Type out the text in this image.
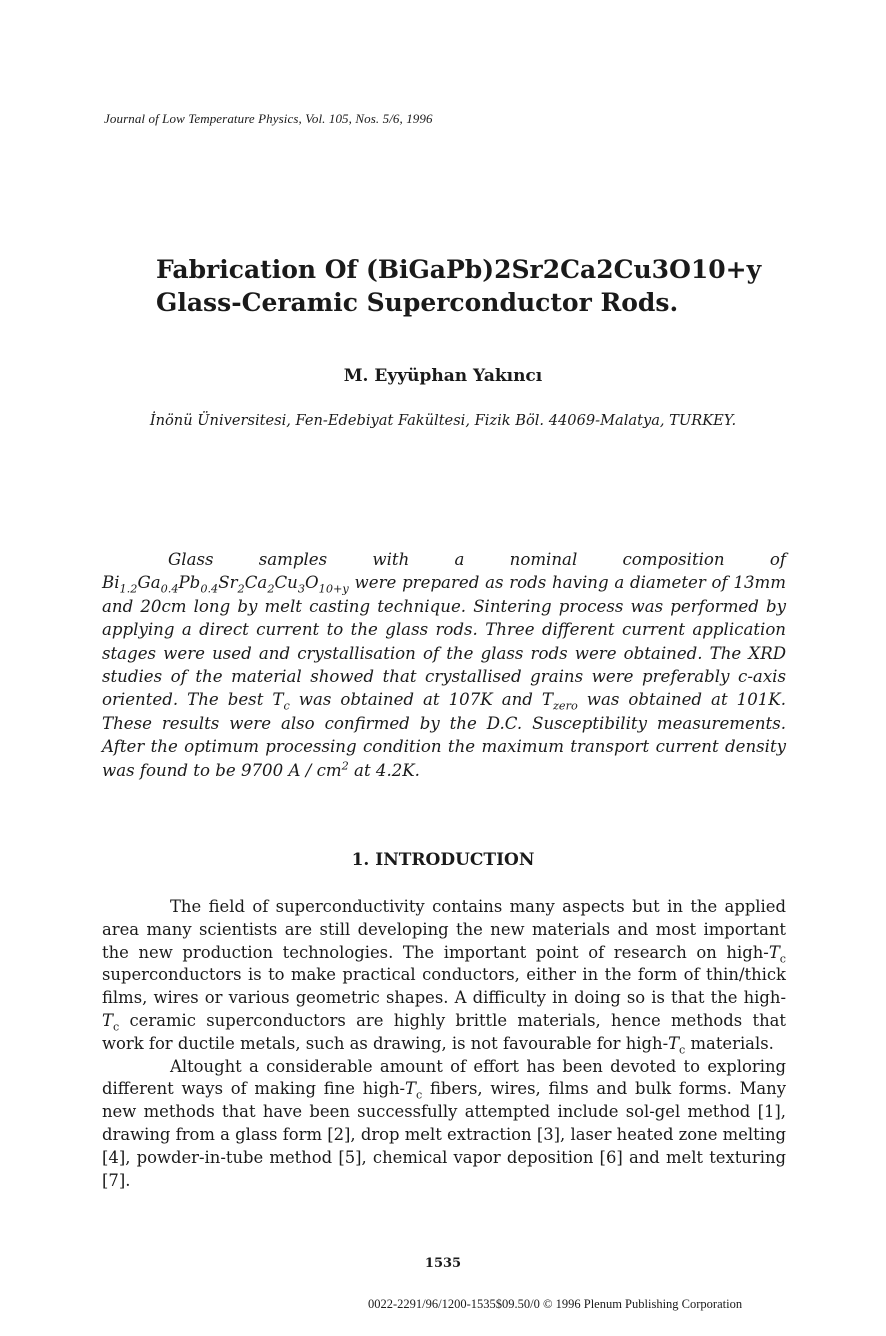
Journal of Low Temperature Physics, Vol. 105, Nos. 5/6, 1996
Fabrication Of (BiGaPb)2Sr2Ca2Cu3O10+y
Glass-Ceramic Superconductor Rods.

M. Eyyüphan Yakıncı

İnönü Üniversitesi, Fen-Edebiyat Fakültesi, Fizik Böl. 44069-Malatya, TURKEY.

Glass samples with a nominal composition of $Bi_{1.2}Ga_{0.4}Pb_{0.4}Sr_2Ca_2Cu_3O_{10+y}$ were prepared as rods having a diameter of 13mm and 20cm long by melt casting technique. Sintering process was performed by applying a direct current to the glass rods. Three different current application stages were used and crystallisation of the glass rods were obtained. The XRD studies of the material showed that crystallised grains were preferably c-axis oriented. The best $T_c$ was obtained at 107K and $T_{zero}$ was obtained at 101K. These results were also confirmed by the D.C. Susceptibility measurements. After the optimum processing condition the maximum transport current density was found to be 9700 A / $cm^2$ at 4.2K.

1. INTRODUCTION

The field of superconductivity contains many aspects but in the applied area many scientists are still developing the new materials and most important the new production technologies. The important point of research on high-$T_c$ superconductors is to make practical conductors, either in the form of thin/thick films, wires or various geometric shapes. A difficulty in doing so is that the high-$T_c$ ceramic superconductors are highly brittle materials, hence methods that work for ductile metals, such as drawing, is not favourable for high-$T_c$ materials.

Altought a considerable amount of effort has been devoted to exploring different ways of making fine high-$T_c$ fibers, wires, films and bulk forms. Many new methods that have been successfully attempted include sol-gel method [1], drawing from a glass form [2], drop melt extraction [3], laser heated zone melting [4], powder-in-tube method [5], chemical vapor deposition [6] and melt texturing [7].

1535
0022-2291/96/1200-1535$09.50/0 © 1996 Plenum Publishing Corporation
